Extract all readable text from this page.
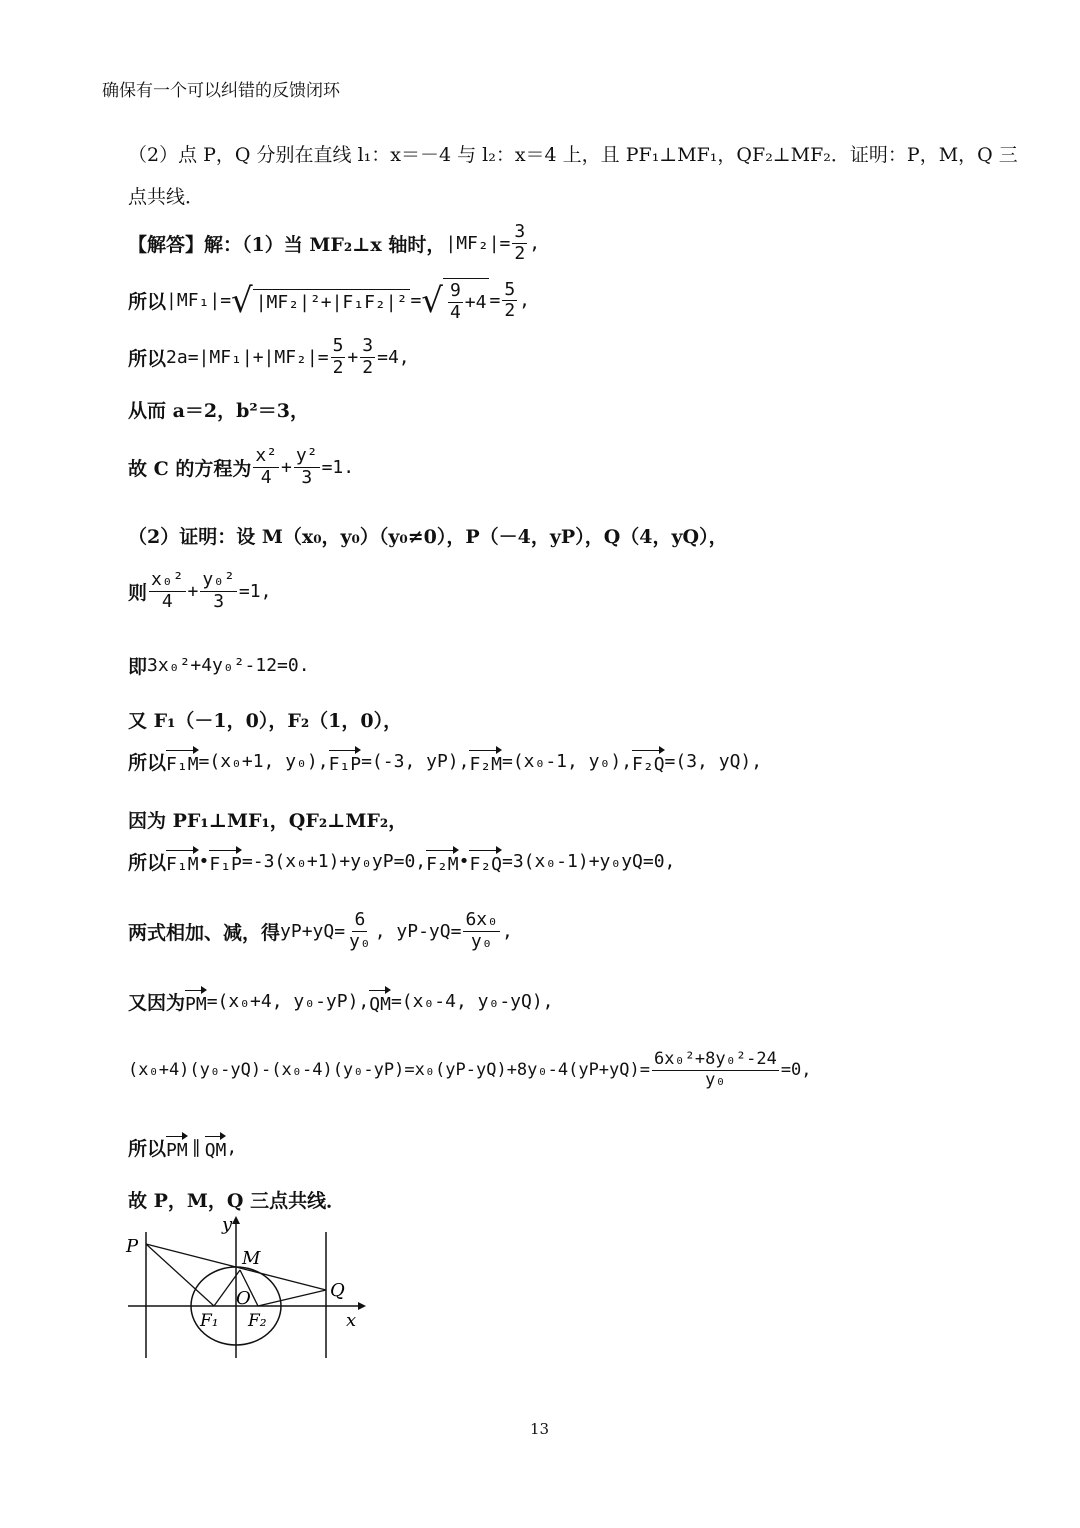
确保有一个可以纠错的反馈闭环
（2）点 P，Q 分别在直线 l₁：x＝－4 与 l₂：x＝4 上，且 PF₁⊥MF₁，QF₂⊥MF₂．证明：P，M，Q 三
点共线．
【解答】解：（1）当 MF₂⊥x 轴时， $|MF_2|= \frac{3}{2}$ ,
所以 |MF₁|= √ |MF₂|²+|F₁F₂|² = √ $\frac{9}{4} +4 = \frac{5}{2}$ ,
所以 $2a=|MF_1|+|MF_2|= \frac{5}{2} + \frac{3}{2} =4$,
从而 a＝2，b²＝3，
故 C 的方程为 $\frac{\text{x²}}{4} + \frac{\text{y²}}{3} =1$.
（2）证明：设 M（x₀，y₀）（y₀≠0），P（－4，yP），Q（4，yQ），
则 $\frac{\text{x₀²}}{4} + \frac{\text{y₀²}}{3} =1$,
即 3x₀²+4y₀²-12=0.
又 F₁（－1，0），F₂（1，0），
所以 F₁M =(x₀+1, y₀), F₁P =(-3, yP), F₂M =(x₀-1, y₀), F₂Q =(3, yQ),
因为 PF₁⊥MF₁，QF₂⊥MF₂，
所以 F₁M • F₁P =-3(x₀+1)+y₀yP=0, F₂M • F₂Q =3(x₀-1)+y₀yQ=0,
两式相加、减，得 $yP+yQ= \frac{6}{\text{y₀}}$ , $yP-yQ= \frac{\text{6x₀}}{\text{y₀}}$ ,
又因为 PM =(x₀+4, y₀-yP), QM =(x₀-4, y₀-yQ),
$(x_0+4)(y_0-yQ)-(x_0-4)(y_0-yP)=x_0(yP-yQ)+8y_0-4(yP+yQ)= \frac{\text{6x₀²+8y₀²-24}}{\text{y₀}} =0$,
所以 PM ∥ QM ,
故 P，M，Q 三点共线．
y
x
P
M
O	Q
F₁ F₂
13
